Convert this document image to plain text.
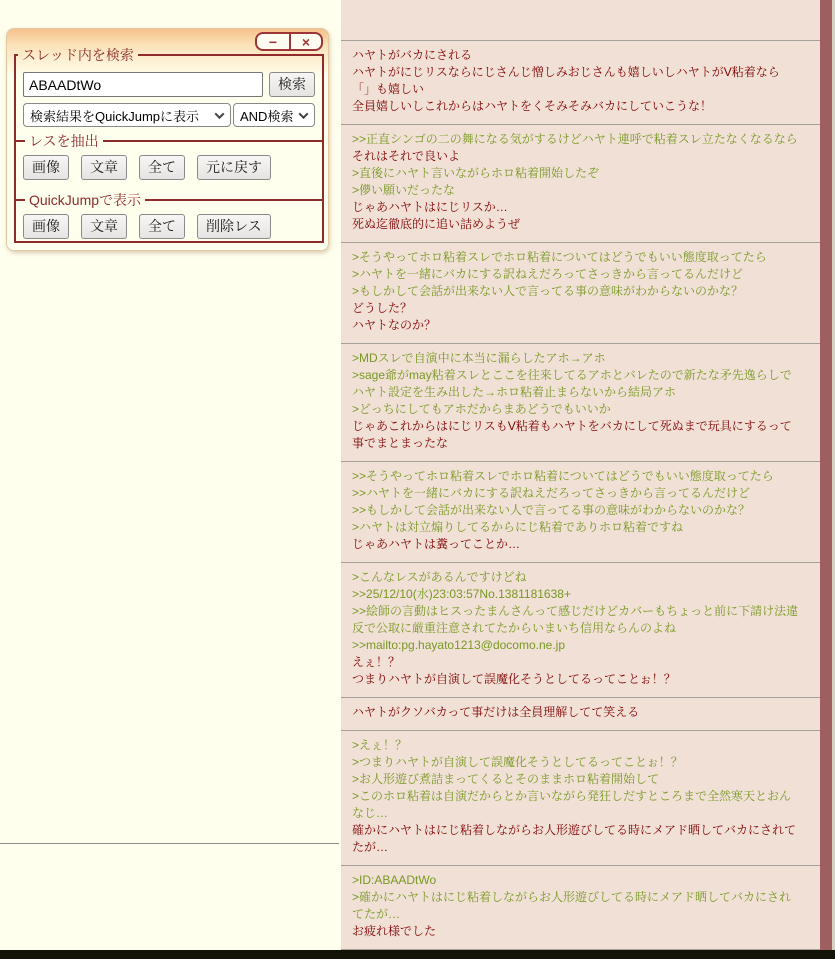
−	×
スレッド内を検索
ABAADtWo
検索
検索結果をQuickJumpに表示	AND検索
レスを抽出
画像	文章	全て	元に戻す
QuickJumpで表示
画像	文章	全て	削除レス
ハヤトがバカにされる
ハヤトがにじリスならにじさんじ憎しみおじさんも嬉しいしハヤトがV粘着なら
「」も嬉しい
全員嬉しいしこれからはハヤトをくそみそみバカにしていこうな！
>>正直シンゴの二の舞になる気がするけどハヤト連呼で粘着スレ立たなくなるなら
それはそれで良いよ
>直後にハヤト言いながらホロ粘着開始したぞ
>儚い願いだったな
じゃあハヤトはにじリスか…
死ぬ迄徹底的に追い詰めようぜ
>そうやってホロ粘着スレでホロ粘着についてはどうでもいい態度取ってたら
>ハヤトを一緒にバカにする訳ねえだろってさっきから言ってるんだけど
>もしかして会話が出来ない人で言ってる事の意味がわからないのかな？
どうした？
ハヤトなのか？
>MDスレで自演中に本当に漏らしたアホ→アホ
>sage爺がmay粘着スレとここを往来してるアホとバレたので新たな矛先逸らしで
ハヤト設定を生み出した→ホロ粘着止まらないから結局アホ
>どっちにしてもアホだからまあどうでもいいか
じゃあこれからはにじリスもV粘着もハヤトをバカにして死ぬまで玩具にするって
事でまとまったな
>>そうやってホロ粘着スレでホロ粘着についてはどうでもいい態度取ってたら
>>ハヤトを一緒にバカにする訳ねえだろってさっきから言ってるんだけど
>>もしかして会話が出来ない人で言ってる事の意味がわからないのかな？
>ハヤトは対立煽りしてるからにじ粘着でありホロ粘着ですね
じゃあハヤトは糞ってことか…
>こんなレスがあるんですけどね
>>25/12/10(水)23:03:57No.1381181638+
>>絵師の言動はヒスったまんさんって感じだけどカバーもちょっと前に下請け法違
反で公取に厳重注意されてたからいまいち信用ならんのよね
>>mailto:pg.hayato1213@docomo.ne.jp
えぇ！？
つまりハヤトが自演して誤魔化そうとしてるってことぉ！？
ハヤトがクソバカって事だけは全員理解してて笑える
>えぇ！？
>つまりハヤトが自演して誤魔化そうとしてるってことぉ！？
>お人形遊び煮詰まってくるとそのままホロ粘着開始して
>このホロ粘着は自演だからとか言いながら発狂しだすところまで全然寒天とおん
なじ…
確かにハヤトはにじ粘着しながらお人形遊びしてる時にメアド晒してバカにされて
たが…
>ID:ABAADtWo
>確かにハヤトはにじ粘着しながらお人形遊びしてる時にメアド晒してバカにされ
てたが…
お疲れ様でした
